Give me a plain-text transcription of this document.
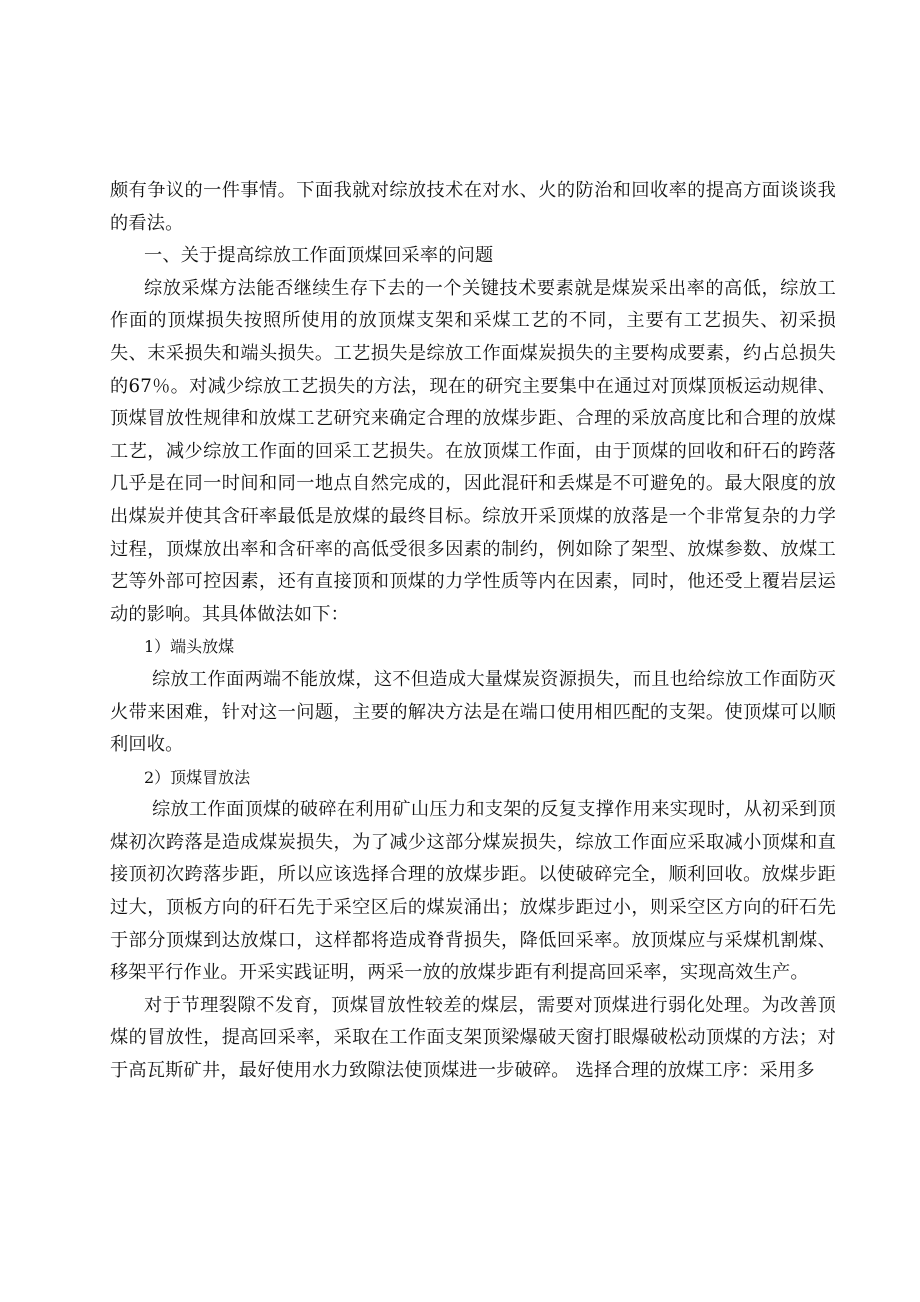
颇有争议的一件事情。下面我就对综放技术在对水、火的防治和回收率的提高方面谈谈我的看法。

一、关于提高综放工作面顶煤回采率的问题

综放采煤方法能否继续生存下去的一个关键技术要素就是煤炭采出率的高低，综放工作面的顶煤损失按照所使用的放顶煤支架和采煤工艺的不同，主要有工艺损失、初采损失、末采损失和端头损失。工艺损失是综放工作面煤炭损失的主要构成要素，约占总损失的67％。对减少综放工艺损失的方法，现在的研究主要集中在通过对顶煤顶板运动规律、顶煤冒放性规律和放煤工艺研究来确定合理的放煤步距、合理的采放高度比和合理的放煤工艺，减少综放工作面的回采工艺损失。在放顶煤工作面，由于顶煤的回收和矸石的跨落几乎是在同一时间和同一地点自然完成的，因此混矸和丢煤是不可避免的。最大限度的放出煤炭并使其含矸率最低是放煤的最终目标。综放开采顶煤的放落是一个非常复杂的力学过程，顶煤放出率和含矸率的高低受很多因素的制约，例如除了架型、放煤参数、放煤工艺等外部可控因素，还有直接顶和顶煤的力学性质等内在因素，同时，他还受上覆岩层运动的影响。其具体做法如下：

1）端头放煤

综放工作面两端不能放煤，这不但造成大量煤炭资源损失，而且也给综放工作面防灭火带来困难，针对这一问题，主要的解决方法是在端口使用相匹配的支架。使顶煤可以顺利回收。

2）顶煤冒放法

综放工作面顶煤的破碎在利用矿山压力和支架的反复支撑作用来实现时，从初采到顶煤初次跨落是造成煤炭损失，为了减少这部分煤炭损失，综放工作面应采取减小顶煤和直接顶初次跨落步距，所以应该选择合理的放煤步距。以使破碎完全，顺利回收。放煤步距过大，顶板方向的矸石先于采空区后的煤炭涌出；放煤步距过小，则采空区方向的矸石先于部分顶煤到达放煤口，这样都将造成脊背损失，降低回采率。放顶煤应与采煤机割煤、移架平行作业。开采实践证明，两采一放的放煤步距有利提高回采率，实现高效生产。

对于节理裂隙不发育，顶煤冒放性较差的煤层，需要对顶煤进行弱化处理。为改善顶煤的冒放性，提高回采率，采取在工作面支架顶梁爆破天窗打眼爆破松动顶煤的方法；对于高瓦斯矿井，最好使用水力致隙法使顶煤进一步破碎。 选择合理的放煤工序：采用多
